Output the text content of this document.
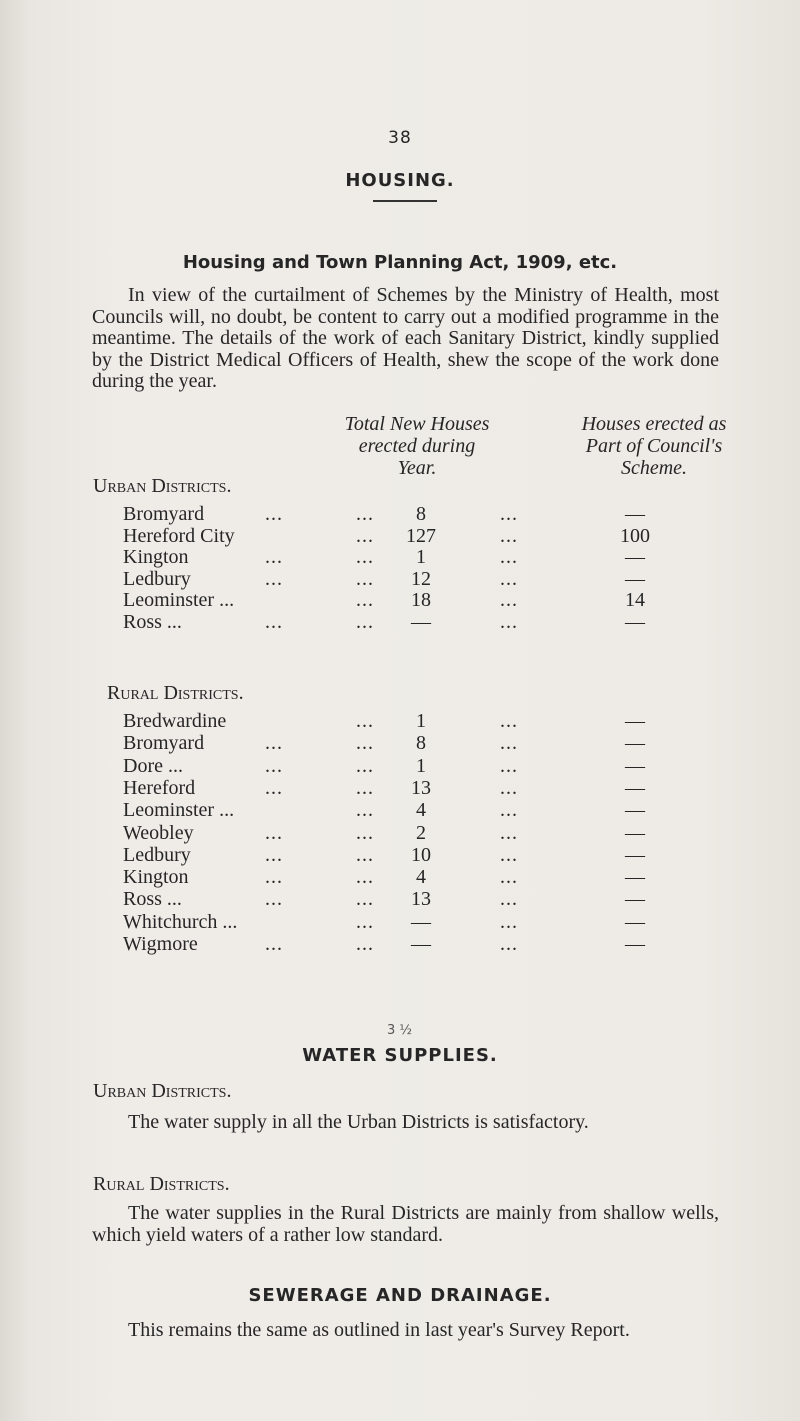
38
HOUSING.
Housing and Town Planning Act, 1909, etc.
In view of the curtailment of Schemes by the Ministry of Health, most Councils will, no doubt, be content to carry out a modified programme in the meantime. The details of the work of each Sanitary District, kindly supplied by the District Medical Officers of Health, shew the scope of the work done during the year.
Total New Houses
erected during
Year.
Houses erected as
Part of Council's
Scheme.
Urban Districts.
Bromyard	...	... 8	...	—
Hereford City	... 127	...	100
Kington	...	... 1	...	—
Ledbury	...	... 12	...	—
Leominster ...	... 18	...	14
Ross ...	...	... —	...	—
Rural Districts.
Bredwardine	... 1	...	—
Bromyard	...	... 8	...	—
Dore ...	...	... 1	...	—
Hereford	...	... 13	...	—
Leominster ...	... 4	...	—
Weobley	...	... 2	...	—
Ledbury	...	... 10	...	—
Kington	...	... 4	...	—
Ross ...	...	... 13	...	—
Whitchurch ...	... —	...	—
Wigmore	...	... —	...	—
3 ½
WATER SUPPLIES.
Urban Districts.
The water supply in all the Urban Districts is satisfactory.
Rural Districts.
The water supplies in the Rural Districts are mainly from shallow wells, which yield waters of a rather low standard.
SEWERAGE AND DRAINAGE.
This remains the same as outlined in last year's Survey Report.
